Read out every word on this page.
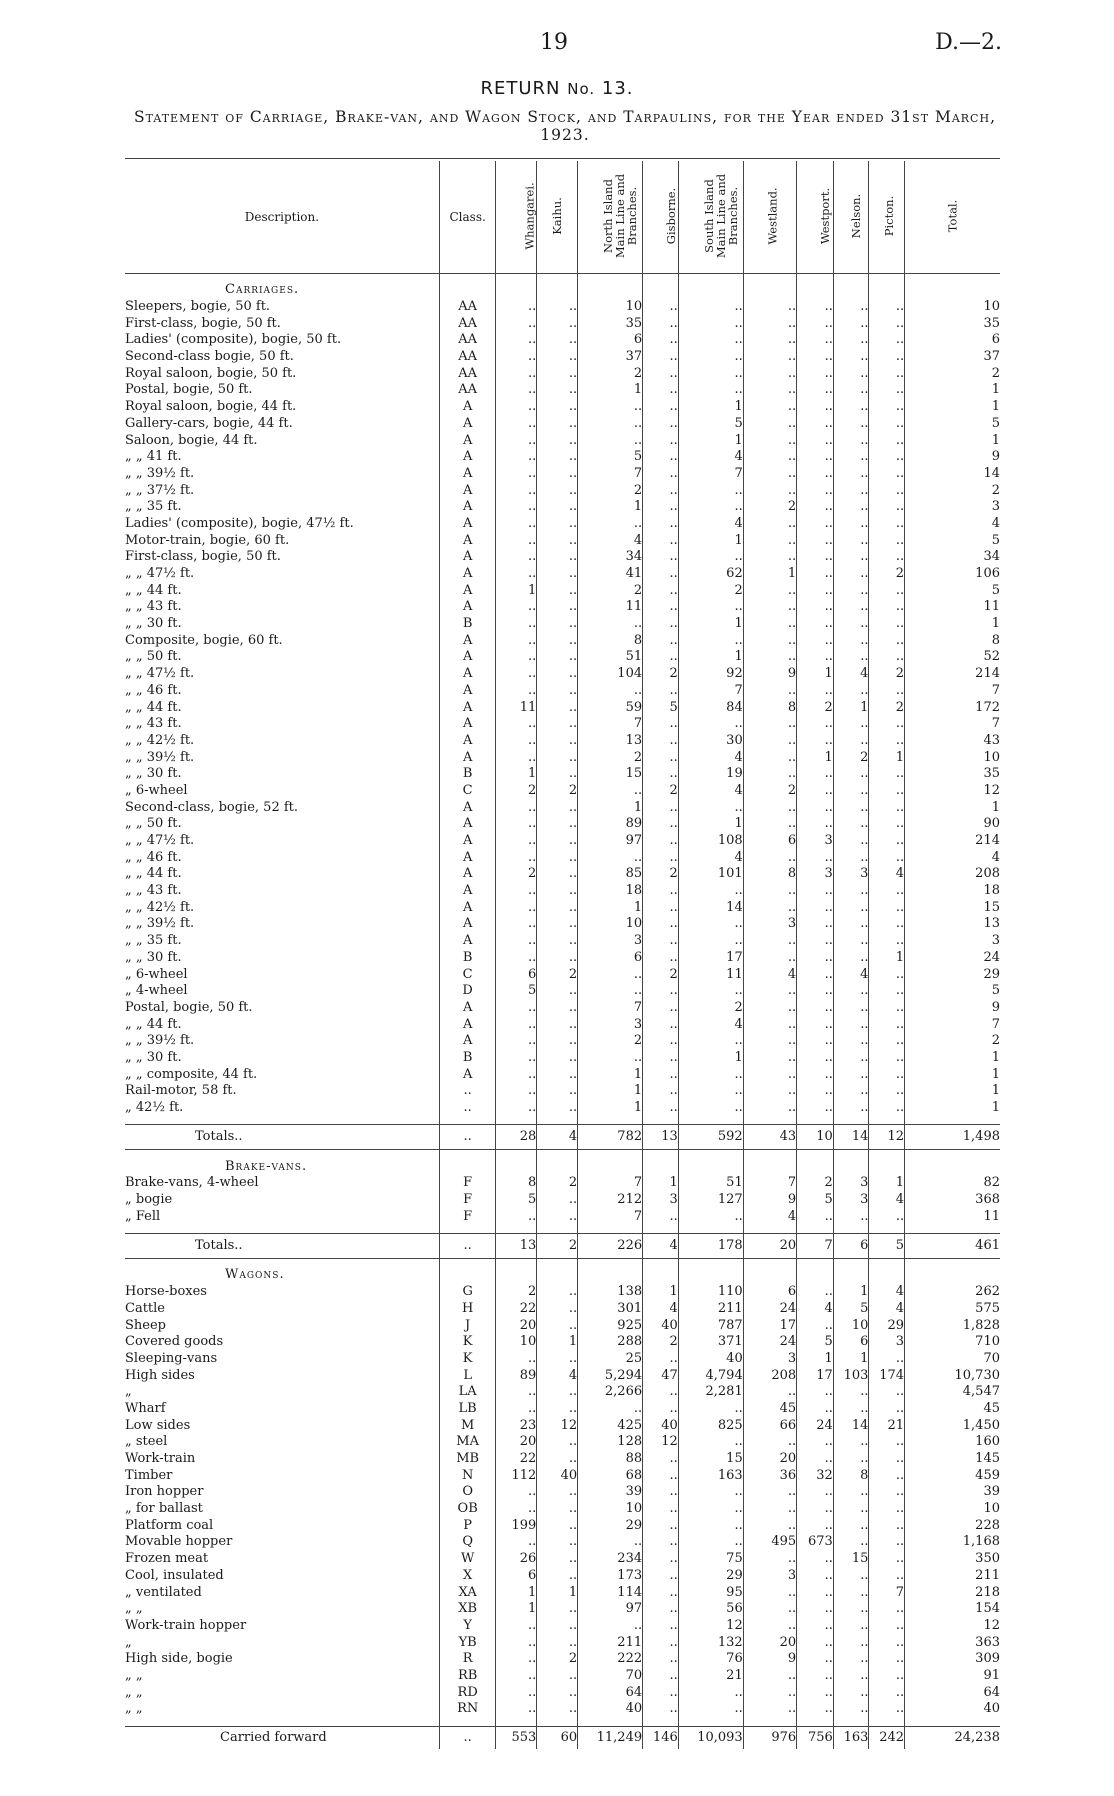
19	D.—2.
RETURN No. 13.
Statement of Carriage, Brake-van, and Wagon Stock, and Tarpaulins, for the Year ended 31st March, 1923.
Description.	Class.	Whangarei.	Kaihu.	North Island
Main Line and
Branches.	Gisborne.	South Island
Main Line and
Branches.	Westland.	Westport.	Nelson.	Picton.	Total.

Carriages.											
Sleepers, bogie, 50 ft.	AA	..	..	10	..	..	..	..	..	..	10
First-class, bogie, 50 ft.	AA	..	..	35	..	..	..	..	..	..	35
Ladies' (composite), bogie, 50 ft.	AA	..	..	6	..	..	..	..	..	..	6
Second-class bogie, 50 ft.	AA	..	..	37	..	..	..	..	..	..	37
Royal saloon, bogie, 50 ft.	AA	..	..	2	..	..	..	..	..	..	2
Postal, bogie, 50 ft.	AA	..	..	1	..	..	..	..	..	..	1
Royal saloon, bogie, 44 ft.	A	..	..	..	..	1	..	..	..	..	1
Gallery-cars, bogie, 44 ft.	A	..	..	..	..	5	..	..	..	..	5
Saloon, bogie, 44 ft.	A	..	..	..	..	1	..	..	..	..	1
„ „ 41 ft.	A	..	..	5	..	4	..	..	..	..	9
„ „ 39½ ft.	A	..	..	7	..	7	..	..	..	..	14
„ „ 37½ ft.	A	..	..	2	..	..	..	..	..	..	2
„ „ 35 ft.	A	..	..	1	..	..	2	..	..	..	3
Ladies' (composite), bogie, 47½ ft.	A	..	..	..	..	4	..	..	..	..	4
Motor-train, bogie, 60 ft.	A	..	..	4	..	1	..	..	..	..	5
First-class, bogie, 50 ft.	A	..	..	34	..	..	..	..	..	..	34
„ „ 47½ ft.	A	..	..	41	..	62	1	..	..	2	106
„ „ 44 ft.	A	1	..	2	..	2	..	..	..	..	5
„ „ 43 ft.	A	..	..	11	..	..	..	..	..	..	11
„ „ 30 ft.	B	..	..	..	..	1	..	..	..	..	1
Composite, bogie, 60 ft.	A	..	..	8	..	..	..	..	..	..	8
„ „ 50 ft.	A	..	..	51	..	1	..	..	..	..	52
„ „ 47½ ft.	A	..	..	104	2	92	9	1	4	2	214
„ „ 46 ft.	A	..	..	..	..	7	..	..	..	..	7
„ „ 44 ft.	A	11	..	59	5	84	8	2	1	2	172
„ „ 43 ft.	A	..	..	7	..	..	..	..	..	..	7
„ „ 42½ ft.	A	..	..	13	..	30	..	..	..	..	43
„ „ 39½ ft.	A	..	..	2	..	4	..	1	2	1	10
„ „ 30 ft.	B	1	..	15	..	19	..	..	..	..	35
„ 6-wheel	C	2	2	..	2	4	2	..	..	..	12
Second-class, bogie, 52 ft.	A	..	..	1	..	..	..	..	..	..	1
„ „ 50 ft.	A	..	..	89	..	1	..	..	..	..	90
„ „ 47½ ft.	A	..	..	97	..	108	6	3	..	..	214
„ „ 46 ft.	A	..	..	..	..	4	..	..	..	..	4
„ „ 44 ft.	A	2	..	85	2	101	8	3	3	4	208
„ „ 43 ft.	A	..	..	18	..	..	..	..	..	..	18
„ „ 42½ ft.	A	..	..	1	..	14	..	..	..	..	15
„ „ 39½ ft.	A	..	..	10	..	..	3	..	..	..	13
„ „ 35 ft.	A	..	..	3	..	..	..	..	..	..	3
„ „ 30 ft.	B	..	..	6	..	17	..	..	..	1	24
„ 6-wheel	C	6	2	..	2	11	4	..	4	..	29
„ 4-wheel	D	5	..	..	..	..	..	..	..	..	5
Postal, bogie, 50 ft.	A	..	..	7	..	2	..	..	..	..	9
„ „ 44 ft.	A	..	..	3	..	4	..	..	..	..	7
„ „ 39½ ft.	A	..	..	2	..	..	..	..	..	..	2
„ „ 30 ft.	B	..	..	..	..	1	..	..	..	..	1
„ „ composite, 44 ft.	A	..	..	1	..	..	..	..	..	..	1
Rail-motor, 58 ft.	..	..	..	1	..	..	..	..	..	..	1
„ 42½ ft.	..	..	..	1	..	..	..	..	..	..	1

Totals..	..	28	4	782	13	592	43	10	14	12	1,498

Brake-vans.											
Brake-vans, 4-wheel	F	8	2	7	1	51	7	2	3	1	82
„ bogie	F	5	..	212	3	127	9	5	3	4	368
„ Fell	F	..	..	7	..	..	4	..	..	..	11

Totals..	..	13	2	226	4	178	20	7	6	5	461

Wagons.											
Horse-boxes	G	2	..	138	1	110	6	..	1	4	262
Cattle	H	22	..	301	4	211	24	4	5	4	575
Sheep	J	20	..	925	40	787	17	..	10	29	1,828
Covered goods	K	10	1	288	2	371	24	5	6	3	710
Sleeping-vans	K	..	..	25	..	40	3	1	1	..	70
High sides	L	89	4	5,294	47	4,794	208	17	103	174	10,730
„	LA	..	..	2,266	..	2,281	..	..	..	..	4,547
Wharf	LB	..	..	..	..	..	45	..	..	..	45
Low sides	M	23	12	425	40	825	66	24	14	21	1,450
„ steel	MA	20	..	128	12	..	..	..	..	..	160
Work-train	MB	22	..	88	..	15	20	..	..	..	145
Timber	N	112	40	68	..	163	36	32	8	..	459
Iron hopper	O	..	..	39	..	..	..	..	..	..	39
„ for ballast	OB	..	..	10	..	..	..	..	..	..	10
Platform coal	P	199	..	29	..	..	..	..	..	..	228
Movable hopper	Q	..	..	..	..	..	495	673	..	..	1,168
Frozen meat	W	26	..	234	..	75	..	..	15	..	350
Cool, insulated	X	6	..	173	..	29	3	..	..	..	211
„ ventilated	XA	1	1	114	..	95	..	..	..	7	218
„ „	XB	1	..	97	..	56	..	..	..	..	154
Work-train hopper	Y	..	..	..	..	12	..	..	..	..	12
„	YB	..	..	211	..	132	20	..	..	..	363
High side, bogie	R	..	2	222	..	76	9	..	..	..	309
„ „	RB	..	..	70	..	21	..	..	..	..	91
„ „	RD	..	..	64	..	..	..	..	..	..	64
„ „	RN	..	..	40	..	..	..	..	..	..	40

Carried forward	..	553	60	11,249	146	10,093	976	756	163	242	24,238
